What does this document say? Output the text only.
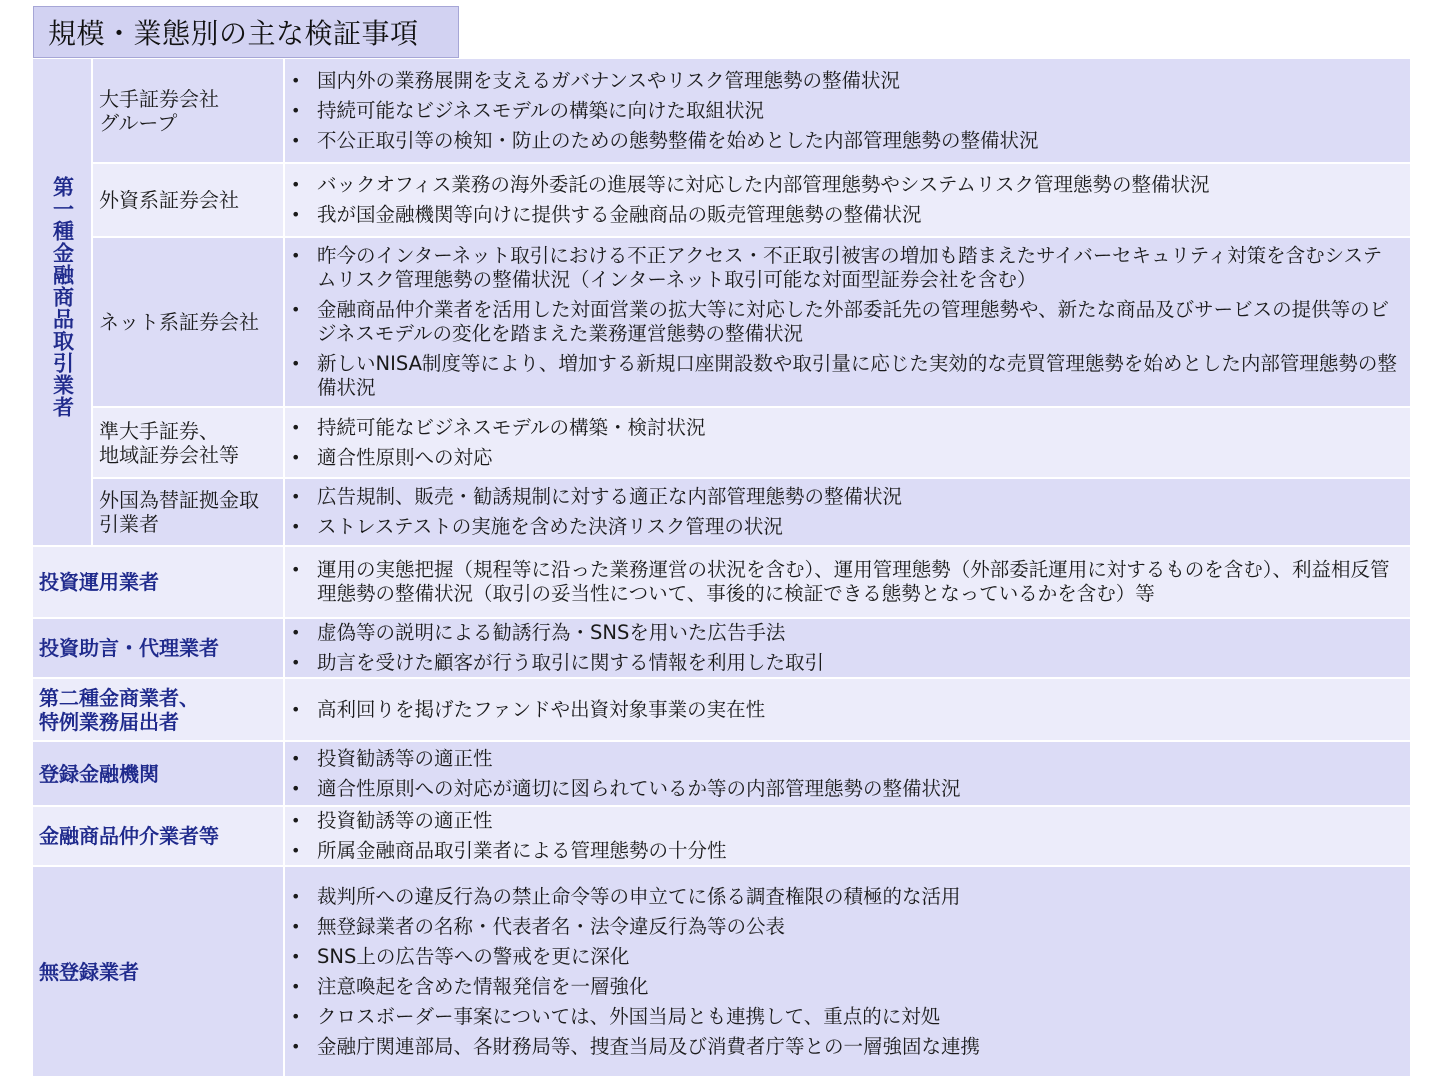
規模・業態別の主な検証事項
第一種金融商品取引業者
大手証券会社
グループ
• 国内外の業務展開を支えるガバナンスやリスク管理態勢の整備状況
• 持続可能なビジネスモデルの構築に向けた取組状況
• 不公正取引等の検知・防止のための態勢整備を始めとした内部管理態勢の整備状況
外資系証券会社
• バックオフィス業務の海外委託の進展等に対応した内部管理態勢やシステムリスク管理態勢の整備状況
• 我が国金融機関等向けに提供する金融商品の販売管理態勢の整備状況
ネット系証券会社
• 昨今のインターネット取引における不正アクセス・不正取引被害の増加も踏まえたサイバーセキュリティ対策を含むシステムリスク管理態勢の整備状況（インターネット取引可能な対面型証券会社を含む）
• 金融商品仲介業者を活用した対面営業の拡大等に対応した外部委託先の管理態勢や、新たな商品及びサービスの提供等のビジネスモデルの変化を踏まえた業務運営態勢の整備状況
• 新しいNISA制度等により、増加する新規口座開設数や取引量に応じた実効的な売買管理態勢を始めとした内部管理態勢の整備状況
準大手証券、
地域証券会社等
• 持続可能なビジネスモデルの構築・検討状況
• 適合性原則への対応
外国為替証拠金取
引業者
• 広告規制、販売・勧誘規制に対する適正な内部管理態勢の整備状況
• ストレステストの実施を含めた決済リスク管理の状況
投資運用業者
• 運用の実態把握（規程等に沿った業務運営の状況を含む）、運用管理態勢（外部委託運用に対するものを含む）、利益相反管理態勢の整備状況（取引の妥当性について、事後的に検証できる態勢となっているかを含む）等
投資助言・代理業者
• 虚偽等の説明による勧誘行為・SNSを用いた広告手法
• 助言を受けた顧客が行う取引に関する情報を利用した取引
第二種金商業者、
特例業務届出者
• 高利回りを掲げたファンドや出資対象事業の実在性
登録金融機関
• 投資勧誘等の適正性
• 適合性原則への対応が適切に図られているか等の内部管理態勢の整備状況
金融商品仲介業者等
• 投資勧誘等の適正性
• 所属金融商品取引業者による管理態勢の十分性
無登録業者
• 裁判所への違反行為の禁止命令等の申立てに係る調査権限の積極的な活用
• 無登録業者の名称・代表者名・法令違反行為等の公表
• SNS上の広告等への警戒を更に深化
• 注意喚起を含めた情報発信を一層強化
• クロスボーダー事案については、外国当局とも連携して、重点的に対処
• 金融庁関連部局、各財務局等、捜査当局及び消費者庁等との一層強固な連携
